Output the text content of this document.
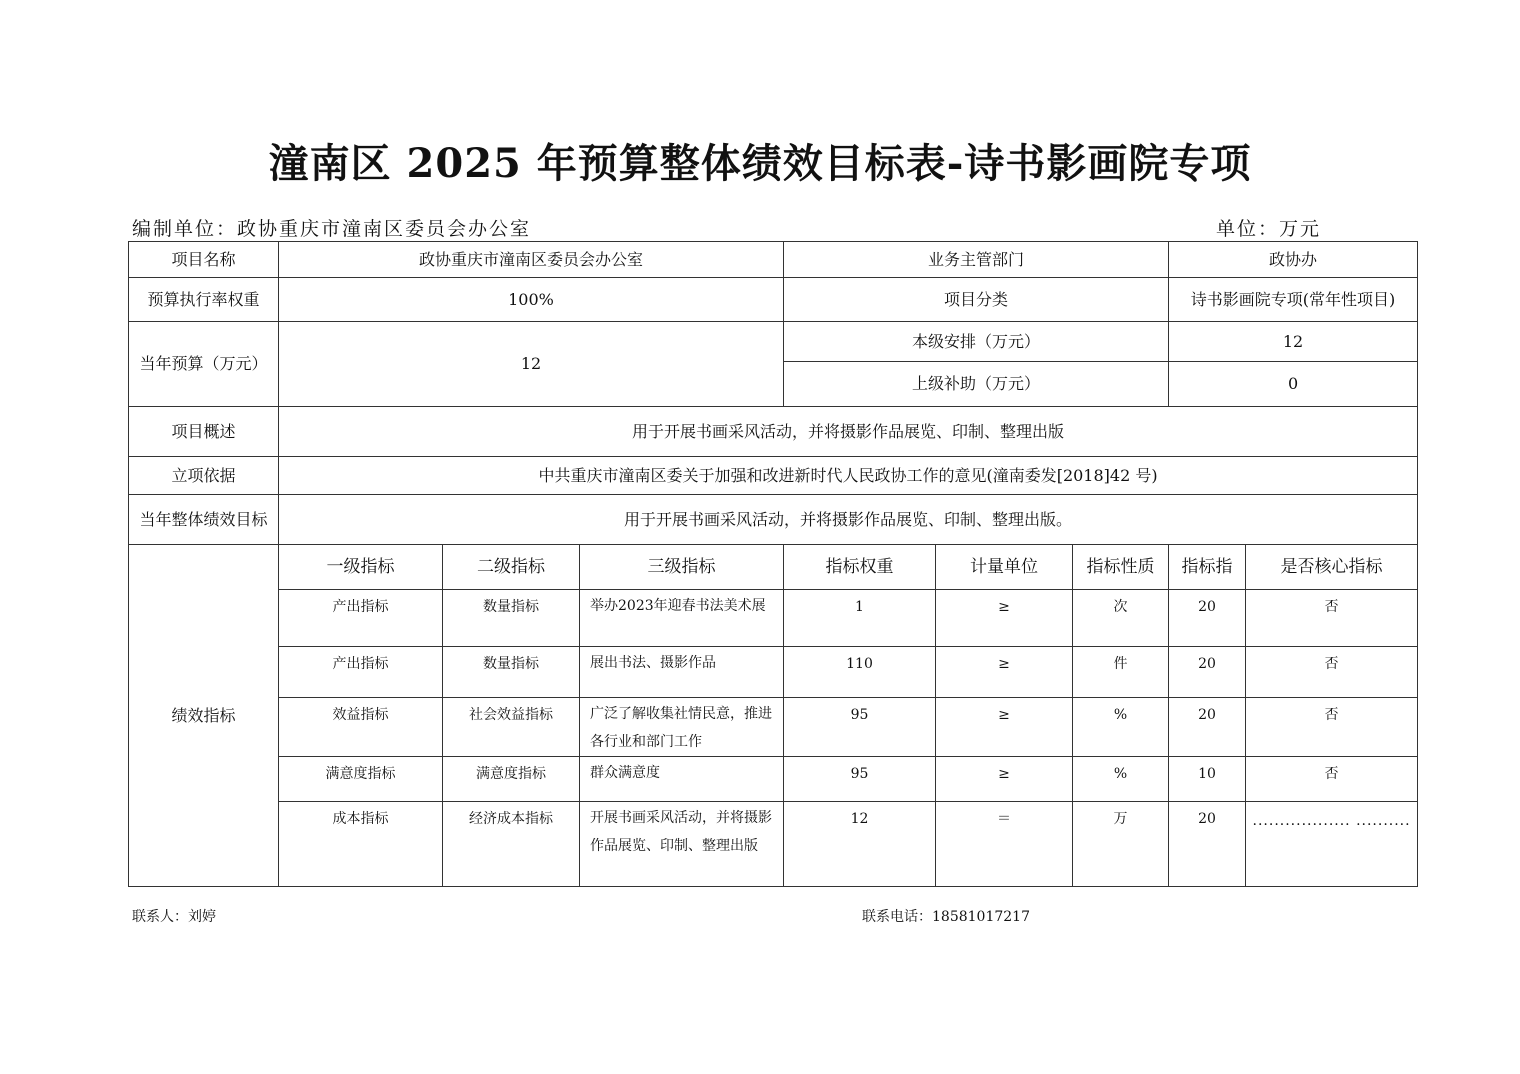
潼南区 2025 年预算整体绩效目标表-诗书影画院专项
编制单位：政协重庆市潼南区委员会办公室	单位：万元
项目名称	政协重庆市潼南区委员会办公室			业务主管部门			政协办	
预算执行率权重	100%			项目分类			诗书影画院专项(常年性项目)	
当年预算（万元）	12			本级安排（万元）			12	
				上级补助（万元）			0	
项目概述	用于开展书画采风活动，并将摄影作品展览、印制、整理出版							
立项依据	中共重庆市潼南区委关于加强和改进新时代人民政协工作的意见(潼南委发[2018]42 号)							
当年整体绩效目标	用于开展书画采风活动，并将摄影作品展览、印制、整理出版。							
绩效指标	一级指标	二级指标	三级指标	指标权重	计量单位	指标性质	指标指	是否核心指标
	产出指标	数量指标	举办2023年迎春书法美术展	1	≥	次	20	否
	产出指标	数量指标	展出书法、摄影作品	110	≥	件	20	否
	效益指标	社会效益指标	广泛了解收集社情民意，推进各行业和部门工作	95	≥	%	20	否
	满意度指标	满意度指标	群众满意度	95	≥	%	10	否
	成本指标	经济成本指标	开展书画采风活动，并将摄影作品展览、印制、整理出版	12	＝	万	20	.................. ..........
联系人：刘婷	联系电话：18581017217
